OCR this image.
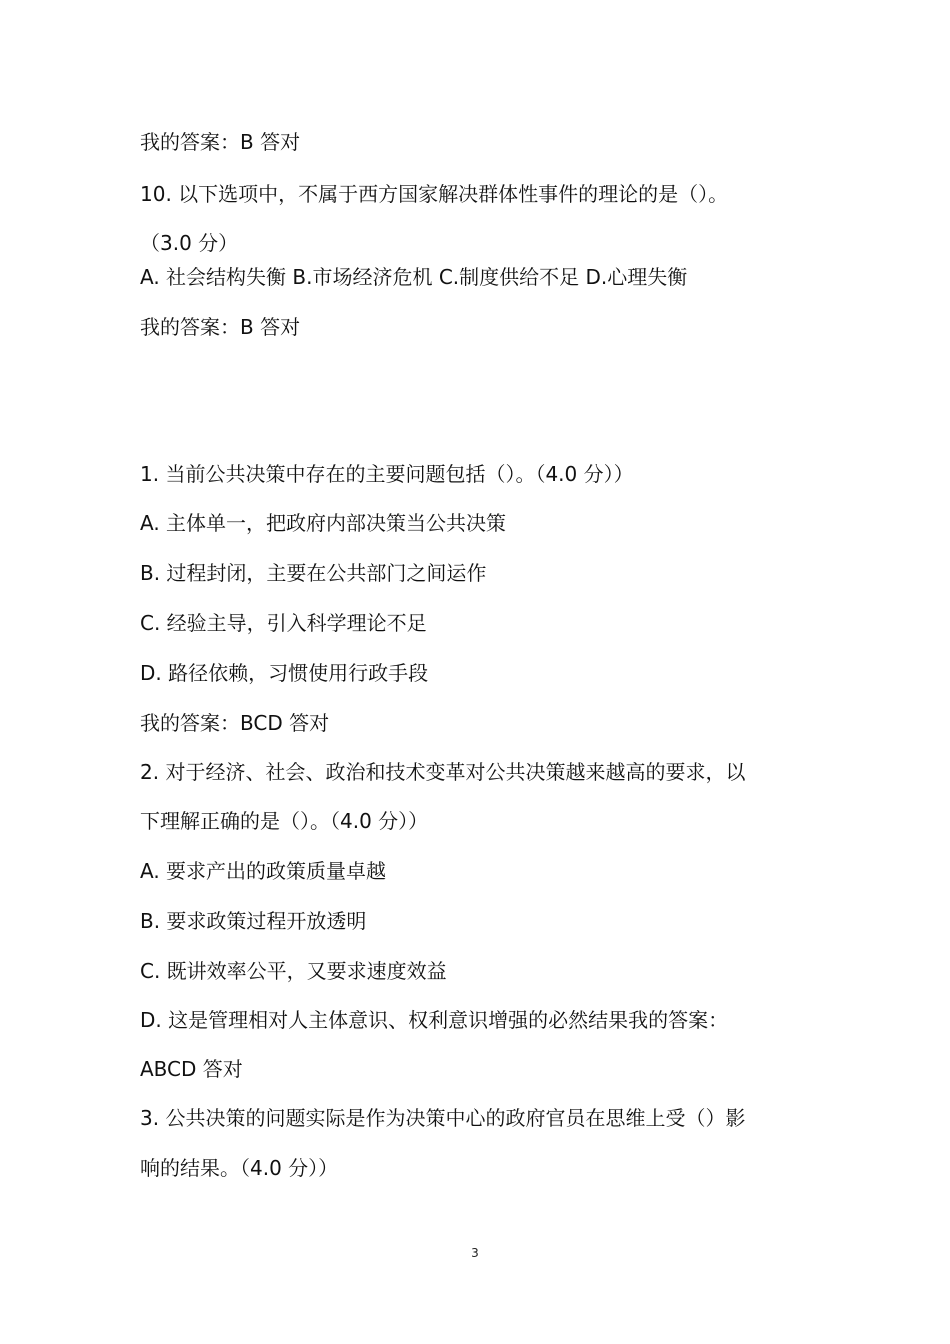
我的答案：B 答对
10. 以下选项中，不属于西方国家解决群体性事件的理论的是（）。
（3.0 分）
A. 社会结构失衡 B.市场经济危机 C.制度供给不足 D.心理失衡
我的答案：B 答对
1. 当前公共决策中存在的主要问题包括（）。（4.0 分））
A. 主体单一，把政府内部决策当公共决策
B. 过程封闭，主要在公共部门之间运作
C. 经验主导，引入科学理论不足
D. 路径依赖，习惯使用行政手段
我的答案：BCD 答对
2. 对于经济、社会、政治和技术变革对公共决策越来越高的要求，以
下理解正确的是（）。（4.0 分））
A. 要求产出的政策质量卓越
B. 要求政策过程开放透明
C. 既讲效率公平，又要求速度效益
D. 这是管理相对人主体意识、权利意识增强的必然结果我的答案：
ABCD 答对
3. 公共决策的问题实际是作为决策中心的政府官员在思维上受（）影
响的结果。（4.0 分））
3
